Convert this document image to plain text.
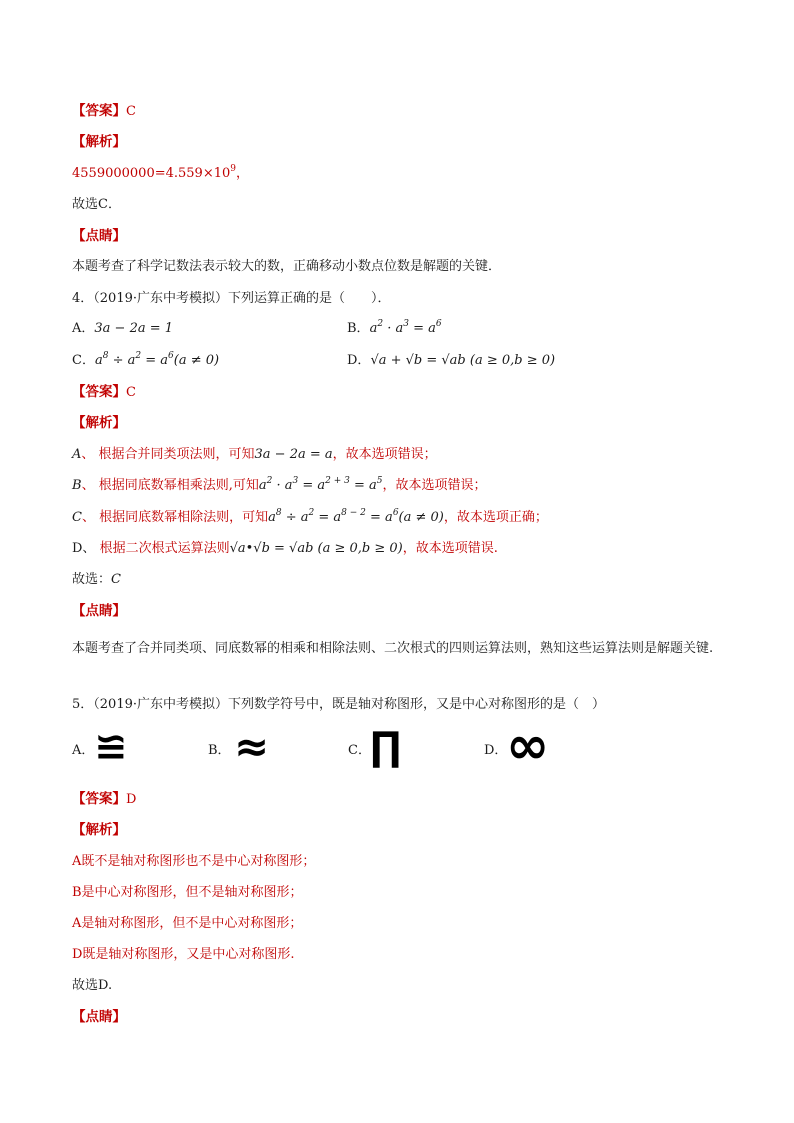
【答案】C
【解析】
$4559000000=4.559\times 10^9$，
故选C．
【点睛】
本题考查了科学记数法表示较大的数，正确移动小数点位数是解题的关键．
4．（2019·广东中考模拟）下列运算正确的是（　　）．
A．3a − 2a = 1	B．$a^2 \cdot a^3 = a^6$
C．$a^8 \div a^2 = a^6(a \ne 0)$	D．√a + √b = √ab (a ≥ 0,b ≥ 0)
【答案】C
【解析】
A、 根据合并同类项法则，可知3a − 2a = a，故本选项错误；
B、 根据同底数幂相乘法则,可知$a^2 \cdot a^3 = a^{2 + 3} = a^5$，故本选项错误；
C、 根据同底数幂相除法则，可知$a^8 \div a^2 = a^{8 - 2} = a^6(a \ne 0)$，故本选项正确；
D、 根据二次根式运算法则√a•√b = √ab (a ≥ 0,b ≥ 0)，故本选项错误.
故选：C
【点睛】
本题考查了合并同类项、同底数幂的相乘和相除法则、二次根式的四则运算法则，熟知这些运算法则是解题关键.
5．（2019·广东中考模拟）下列数学符号中，既是轴对称图形，又是中心对称图形的是（　）
A． ≌	B． ≈	C． ∏	D．
∞
【答案】D
【解析】
A既不是轴对称图形也不是中心对称图形；
B是中心对称图形，但不是轴对称图形；
A是轴对称图形，但不是中心对称图形；
D既是轴对称图形，又是中心对称图形.
故选D.
【点睛】
